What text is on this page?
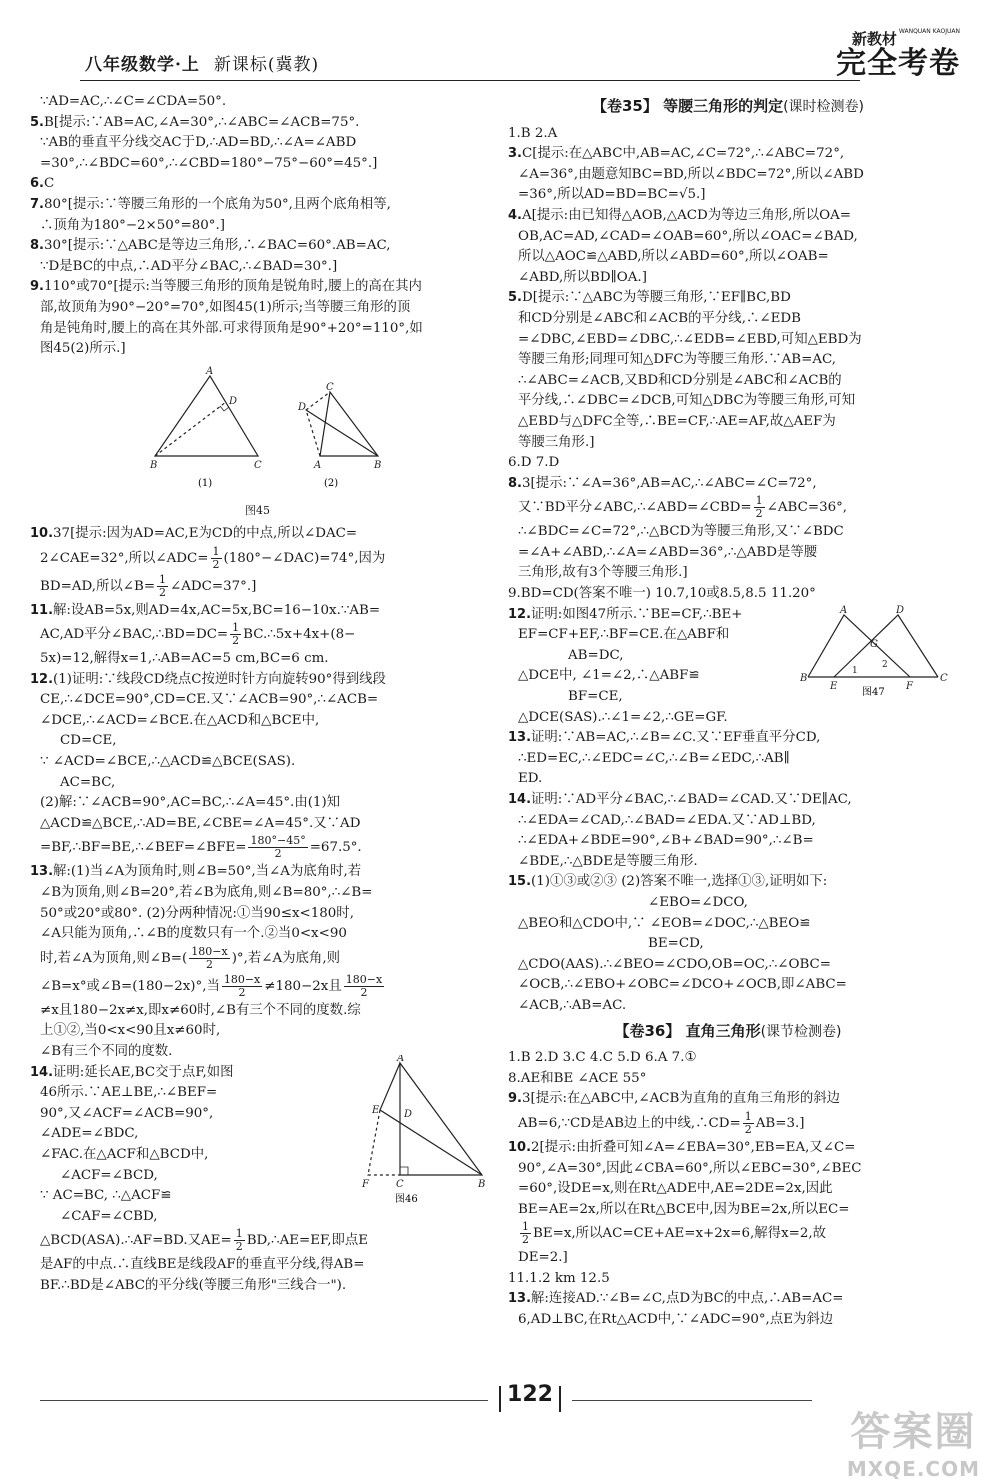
八年级数学·上 新课标(冀教)
新教材 WANQUAN KAOJUAN
完全考卷

∵AD=AC,∴∠C=∠CDA=50°.

5.B[提示:∵AB=AC,∠A=30°,∴∠ABC=∠ACB=75°.

∵AB的垂直平分线交AC于D,∴AD=BD,∴∠A=∠ABD

=30°,∴∠BDC=60°,∴∠CBD=180°−75°−60°=45°.]

6.C

7.80°[提示:∵等腰三角形的一个底角为50°,且两个底角相等,

∴顶角为180°−2×50°=80°.]

8.30°[提示:∵△ABC是等边三角形,∴∠BAC=60°.AB=AC,

∵D是BC的中点,∴AD平分∠BAC,∴∠BAD=30°.]

9.110°或70°[提示:当等腰三角形的顶角是锐角时,腰上的高在其内

部,故顶角为90°−20°=70°,如图45(1)所示;当等腰三角形的顶

角是钝角时,腰上的高在其外部.可求得顶角是90°+20°=110°,如

图45(2)所示.]

A
B	C
D
A	B
C
D
(1)	(2)
图45

10.37[提示:因为AD=AC,E为CD的中点,所以∠DAC=

2∠CAE=32°,所以∠ADC= $\frac{1}{2}$ (180°−∠DAC)=74°,因为

BD=AD,所以∠B= $\frac{1}{2}$ ∠ADC=37°.]

11.解:设AB=5x,则AD=4x,AC=5x,BC=16−10x.∵AB=

AC,AD平分∠BAC,∴BD=DC= $\frac{1}{2}$ BC.∴5x+4x+(8−

5x)=12,解得x=1,∴AB=AC=5 cm,BC=6 cm.

12.(1)证明:∵线段CD绕点C按逆时针方向旋转90°得到线段

CE,∴∠DCE=90°,CD=CE.又∵∠ACB=90°,∴∠ACB=

∠DCE,∴∠ACD=∠BCE.在△ACD和△BCE中,

CD=CE,

∵ ∠ACD=∠BCE,∴△ACD≌△BCE(SAS).

AC=BC,

(2)解:∵∠ACB=90°,AC=BC,∴∠A=45°.由(1)知

△ACD≌△BCE,∴AD=BE,∠CBE=∠A=45°.又∵AD

=BF,∴BF=BE,∴∠BEF=∠BFE= $\frac{180^\circ-45^\circ}{2} =67.5^\circ$.

13.解:(1)当∠A为顶角时,则∠B=50°,当∠A为底角时,若

∠B为顶角,则∠B=20°,若∠B为底角,则∠B=80°,∴∠B=

50°或20°或80°. (2)分两种情况:①当90≤x<180时,

∠A只能为顶角,∴∠B的度数只有一个.②当0<x<90

时,若∠A为顶角,则∠B=( $\frac{180-x}{2}$ )°,若∠A为底角,则

∠B=x°或∠B=(180−2x)°,当 $\frac{180-x}{2} \ne 180-2x$且 $\frac{180-x}{2}$

≠x且180−2x≠x,即x≠60时,∠B有三个不同的度数.综

上①②,当0<x<90且x≠60时,

∠B有三个不同的度数.	A
E D
F	C	B
图46

14.证明:延长AE,BC交于点F,如图

46所示.∵AE⊥BE,∴∠BEF=

90°,又∠ACF=∠ACB=90°,

∠ADE=∠BDC,

∠FAC.在△ACF和△BCD中,

∠ACF=∠BCD,

∵ AC=BC, ∴△ACF≌

∠CAF=∠CBD,

△BCD(ASA).∴AF=BD.又$AE= \frac{1}{2}$ BD,∴AE=EF,即点E

是AF的中点.∴直线BE是线段AF的垂直平分线,得AB=

BF.∴BD是∠ABC的平分线(等腰三角形"三线合一").

【卷35】 等腰三角形的判定(课时检测卷)

1.B 2.A

3.C[提示:在△ABC中,AB=AC,∠C=72°,∴∠ABC=72°,

∠A=36°,由题意知BC=BD,所以∠BDC=72°,所以∠ABD

=36°,所以AD=BD=BC=√5.]

4.A[提示:由已知得△AOB,△ACD为等边三角形,所以OA=

OB,AC=AD,∠CAD=∠OAB=60°,所以∠OAC=∠BAD,

所以△AOC≌△ABD,所以∠ABD=60°,所以∠OAB=

∠ABD,所以BD∥OA.]

5.D[提示:∵△ABC为等腰三角形,∵EF∥BC,BD

和CD分别是∠ABC和∠ACB的平分线,∴∠EDB

=∠DBC,∠EBD=∠DBC,∴∠EDB=∠EBD,可知△EBD为

等腰三角形;同理可知△DFC为等腰三角形.∵AB=AC,

∴∠ABC=∠ACB,又BD和CD分别是∠ABC和∠ACB的

平分线,∴∠DBC=∠DCB,可知△DBC为等腰三角形,可知

△EBD与△DFC全等,∴BE=CF,∴AE=AF,故△AEF为

等腰三角形.]

6.D 7.D

8.3[提示:∵∠A=36°,AB=AC,∴∠ABC=∠C=72°,

又∵BD平分∠ABC,∴∠ABD=∠CBD= $\frac{1}{2}$ ∠ABC=36°,

∴∠BDC=∠C=72°,∴△BCD为等腰三角形,又∵∠BDC

=∠A+∠ABD,∴∠A=∠ABD=36°,∴△ABD是等腰

三角形,故有3个等腰三角形.]

9.BD=CD(答案不唯一) 10.7,10或8.5,8.5 11.20°

A	D
G
B
E	F
C
1
2
图47

12.证明:如图47所示.∵BE=CF,∴BE+

EF=CF+EF,∴BF=CE.在△ABF和

AB=DC,

△DCE中, ∠1=∠2,∴△ABF≌

BF=CE,

△DCE(SAS).∴∠1=∠2,∴GE=GF.

13.证明:∵AB=AC,∴∠B=∠C.又∵EF垂直平分CD,

∴ED=EC,∴∠EDC=∠C,∴∠B=∠EDC,∴AB∥

ED.

14.证明:∵AD平分∠BAC,∴∠BAD=∠CAD.又∵DE∥AC,

∴∠EDA=∠CAD,∴∠BAD=∠EDA.又∵AD⊥BD,

∴∠EDA+∠BDE=90°,∠B+∠BAD=90°,∴∠B=

∠BDE,∴△BDE是等腰三角形.

15.(1)①③或②③ (2)答案不唯一,选择①③,证明如下:

∠EBO=∠DCO,

△BEO和△CDO中,∵ ∠EOB=∠DOC,∴△BEO≌

BE=CD,

△CDO(AAS).∴∠BEO=∠CDO,OB=OC,∴∠OBC=

∠OCB,∴∠EBO+∠OBC=∠DCO+∠OCB,即∠ABC=

∠ACB,∴AB=AC.

【卷36】 直角三角形(课节检测卷)

1.B 2.D 3.C 4.C 5.D 6.A 7.①

8.AE和BE ∠ACE 55°

9.3[提示:在△ABC中,∠ACB为直角的直角三角形的斜边

AB=6,∵CD是AB边上的中线,∴CD= $\frac{1}{2} AB=3$.]

10.2[提示:由折叠可知∠A=∠EBA=30°,EB=EA,又∠C=

90°,∠A=30°,因此∠CBA=60°,所以∠EBC=30°,∠BEC

=60°,设DE=x,则在Rt△ADE中,AE=2DE=2x,因此

BE=AE=2x,所以在Rt△BCE中,因为BE=2x,所以EC=

$\frac{1}{2} BE=x$,所以AC=CE+AE=x+2x=6,解得x=2,故

DE=2.]

11.1.2 km 12.5

13.解:连接AD.∵∠B=∠C,点D为BC的中点,∴AB=AC=

6,AD⊥BC,在Rt△ACD中,∵∠ADC=90°,点E为斜边

122
答案圈
MXQE.COM
